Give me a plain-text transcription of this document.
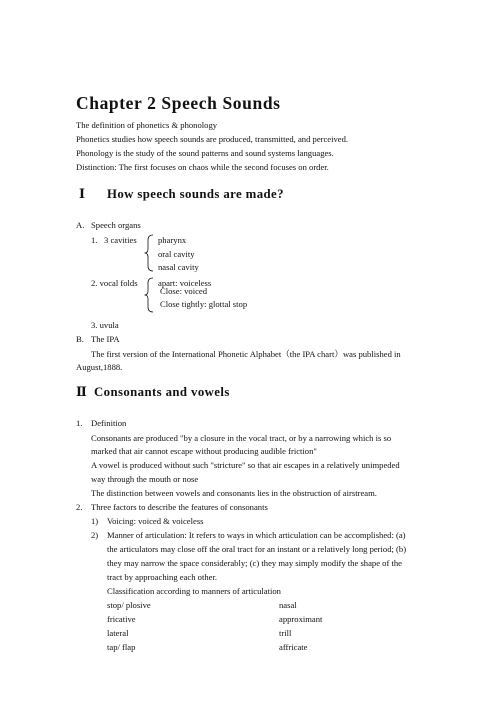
Chapter 2 Speech Sounds
The definition of phonetics & phonology
Phonetics studies how speech sounds are produced, transmitted, and perceived.
Phonology is the study of the sound patterns and sound systems languages.
Distinction: The first focuses on chaos while the second focuses on order.
Ⅰ How speech sounds are made?
A. Speech organs
1. 3 cavities pharynx
oral cavity
nasal cavity
2. vocal folds apart: voiceless
Close: voiced
Close tightly: glottal stop
3. uvula
B. The IPA
The first version of the International Phonetic Alphabet（the IPA chart）was published in
August,1888.
Ⅱ Consonants and vowels
1. Definition
Consonants are produced "by a closure in the vocal tract, or by a narrowing which is so
marked that air cannot escape without producing audible friction"
A vowel is produced without such "stricture" so that air escapes in a relatively unimpeded
way through the mouth or nose
The distinction between vowels and consonants lies in the obstruction of airstream.
2. Three factors to describe the features of consonants
1) Voicing: voiced & voiceless
2) Manner of articulation: It refers to ways in which articulation can be accomplished: (a)
the articulators may close off the oral tract for an instant or a relatively long period; (b)
they may narrow the space considerably; (c) they may simply modify the shape of the
tract by approaching each other.
Classification according to manners of articulation
stop/ plosive
fricative
lateral
tap/ flap
nasal
approximant
trill
affricate
